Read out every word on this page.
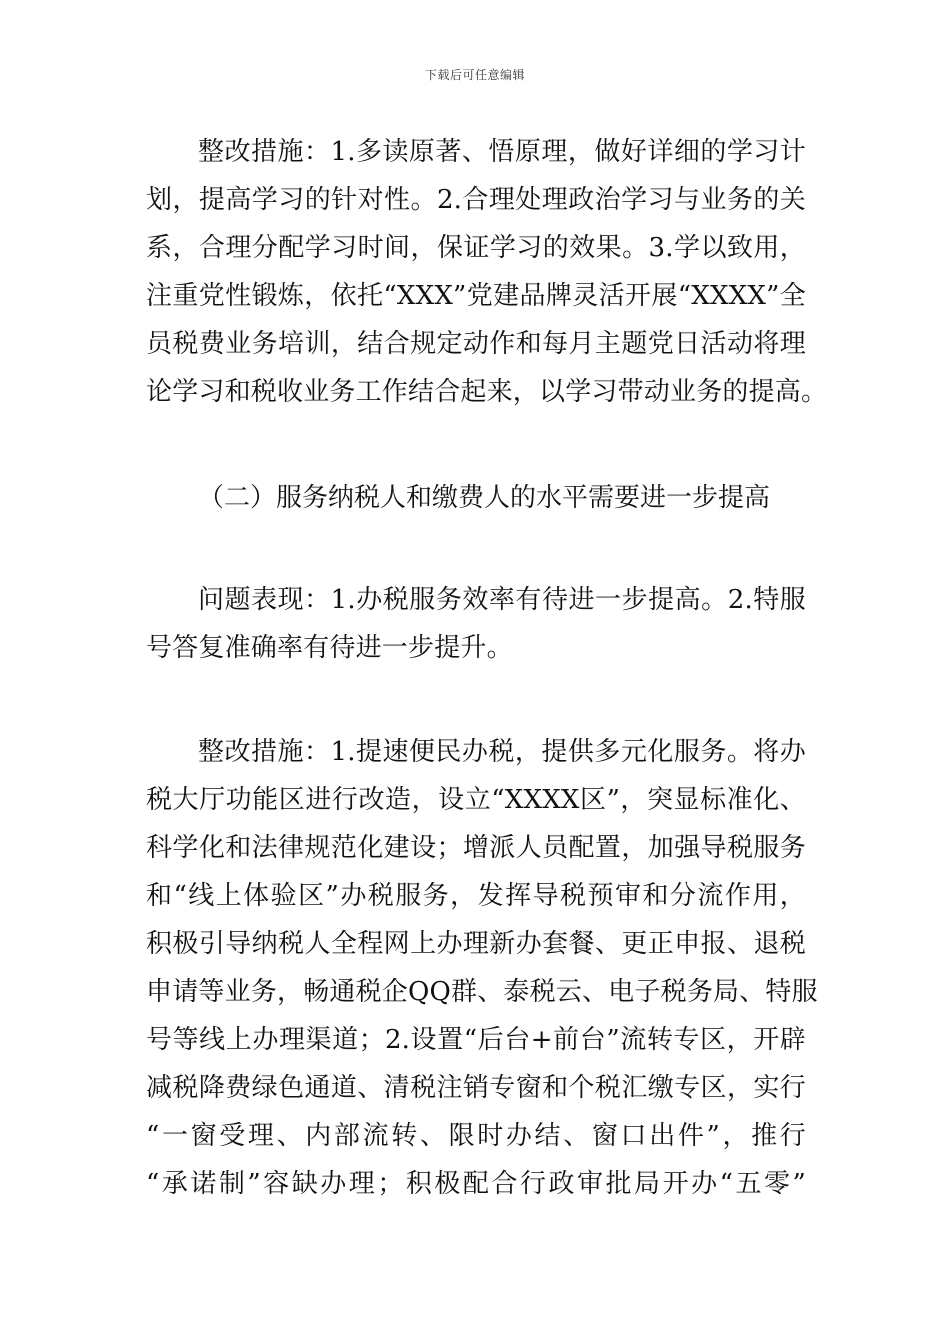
下载后可任意编辑
整改措施：1.多读原著、悟原理，做好详细的学习计
划，提高学习的针对性。2.合理处理政治学习与业务的关
系，合理分配学习时间，保证学习的效果。3.学以致用，
注重党性锻炼，依托“XXX”党建品牌灵活开展“XXXX”全
员税费业务培训，结合规定动作和每月主题党日活动将理
论学习和税收业务工作结合起来，以学习带动业务的提高。
（二）服务纳税人和缴费人的水平需要进一步提高
问题表现：1.办税服务效率有待进一步提高。2.特服
号答复准确率有待进一步提升。
整改措施：1.提速便民办税，提供多元化服务。将办
税大厅功能区进行改造，设立“XXXX区”，突显标准化、
科学化和法律规范化建设；增派人员配置，加强导税服务
和“线上体验区”办税服务，发挥导税预审和分流作用，
积极引导纳税人全程网上办理新办套餐、更正申报、退税
申请等业务，畅通税企QQ群、泰税云、电子税务局、特服
号等线上办理渠道；2.设置“后台+前台”流转专区，开辟
减税降费绿色通道、清税注销专窗和个税汇缴专区，实行
“一窗受理、内部流转、限时办结、窗口出件”，推行
“承诺制”容缺办理；积极配合行政审批局开办“五零”
